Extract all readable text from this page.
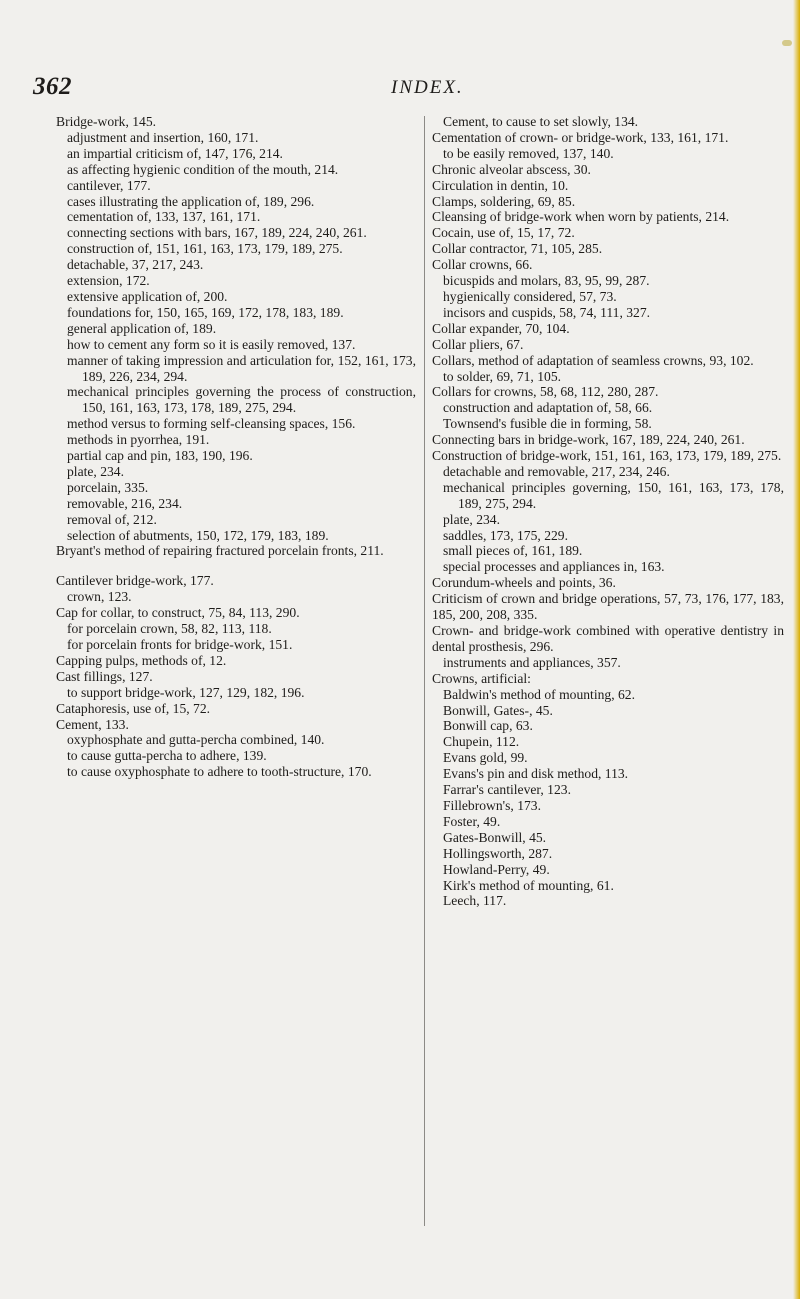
362	INDEX.

Bridge-work, 145.

adjustment and insertion, 160, 171.

an impartial criticism of, 147, 176, 214.

as affecting hygienic condition of the mouth, 214.

cantilever, 177.

cases illustrating the application of, 189, 296.

cementation of, 133, 137, 161, 171.

connecting sections with bars, 167, 189, 224, 240, 261.

construction of, 151, 161, 163, 173, 179, 189, 275.

detachable, 37, 217, 243.

extension, 172.

extensive application of, 200.

foundations for, 150, 165, 169, 172, 178, 183, 189.

general application of, 189.

how to cement any form so it is easily removed, 137.

manner of taking impression and articulation for, 152, 161, 173, 189, 226, 234, 294.

mechanical principles governing the process of construction, 150, 161, 163, 173, 178, 189, 275, 294.

method versus to forming self-cleansing spaces, 156.

methods in pyorrhea, 191.

partial cap and pin, 183, 190, 196.

plate, 234.

porcelain, 335.

removable, 216, 234.

removal of, 212.

selection of abutments, 150, 172, 179, 183, 189.

Bryant's method of repairing fractured porcelain fronts, 211.

Cantilever bridge-work, 177.

crown, 123.

Cap for collar, to construct, 75, 84, 113, 290.

for porcelain crown, 58, 82, 113, 118.

for porcelain fronts for bridge-work, 151.

Capping pulps, methods of, 12.

Cast fillings, 127.

to support bridge-work, 127, 129, 182, 196.

Cataphoresis, use of, 15, 72.

Cement, 133.

oxyphosphate and gutta-percha combined, 140.

to cause gutta-percha to adhere, 139.

to cause oxyphosphate to adhere to tooth-structure, 170.

Cement, to cause to set slowly, 134.

Cementation of crown- or bridge-work, 133, 161, 171.

to be easily removed, 137, 140.

Chronic alveolar abscess, 30.

Circulation in dentin, 10.

Clamps, soldering, 69, 85.

Cleansing of bridge-work when worn by patients, 214.

Cocain, use of, 15, 17, 72.

Collar contractor, 71, 105, 285.

Collar crowns, 66.

bicuspids and molars, 83, 95, 99, 287.

hygienically considered, 57, 73.

incisors and cuspids, 58, 74, 111, 327.

Collar expander, 70, 104.

Collar pliers, 67.

Collars, method of adaptation of seamless crowns, 93, 102.

to solder, 69, 71, 105.

Collars for crowns, 58, 68, 112, 280, 287.

construction and adaptation of, 58, 66.

Townsend's fusible die in forming, 58.

Connecting bars in bridge-work, 167, 189, 224, 240, 261.

Construction of bridge-work, 151, 161, 163, 173, 179, 189, 275.

detachable and removable, 217, 234, 246.

mechanical principles governing, 150, 161, 163, 173, 178, 189, 275, 294.

plate, 234.

saddles, 173, 175, 229.

small pieces of, 161, 189.

special processes and appliances in, 163.

Corundum-wheels and points, 36.

Criticism of crown and bridge operations, 57, 73, 176, 177, 183, 185, 200, 208, 335.

Crown- and bridge-work combined with operative dentistry in dental prosthesis, 296.

instruments and appliances, 357.

Crowns, artificial:

Baldwin's method of mounting, 62.

Bonwill, Gates-, 45.

Bonwill cap, 63.

Chupein, 112.

Evans gold, 99.

Evans's pin and disk method, 113.

Farrar's cantilever, 123.

Fillebrown's, 173.

Foster, 49.

Gates-Bonwill, 45.

Hollingsworth, 287.

Howland-Perry, 49.

Kirk's method of mounting, 61.

Leech, 117.
